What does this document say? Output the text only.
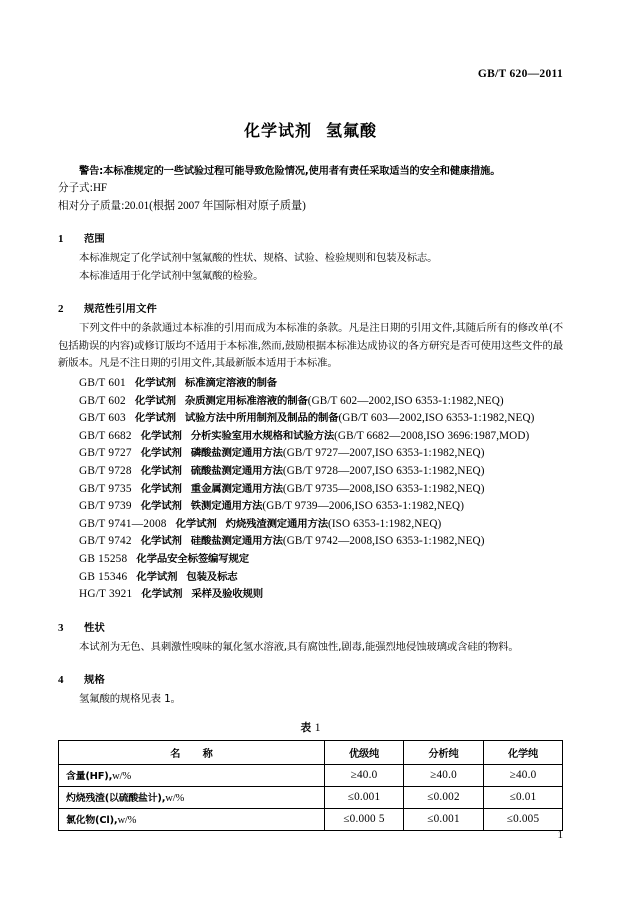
GB/T 620—2011
化学试剂 氢氟酸
警告:本标准规定的一些试验过程可能导致危险情况,使用者有责任采取适当的安全和健康措施。
分子式:HF
相对分子质量:20.01(根据 2007 年国际相对原子质量)
1 范围
本标准规定了化学试剂中氢氟酸的性状、规格、试验、检验规则和包装及标志。
本标准适用于化学试剂中氢氟酸的检验。
2 规范性引用文件
下列文件中的条款通过本标准的引用而成为本标准的条款。凡是注日期的引用文件,其随后所有的修改单(不包括勘误的内容)或修订版均不适用于本标准,然而,鼓励根据本标准达成协议的各方研究是否可使用这些文件的最新版本。凡是不注日期的引用文件,其最新版本适用于本标准。
GB/T 601 化学试剂 标准滴定溶液的制备
GB/T 602 化学试剂 杂质测定用标准溶液的制备(GB/T 602—2002,ISO 6353-1:1982,NEQ)
GB/T 603 化学试剂 试验方法中所用制剂及制品的制备(GB/T 603—2002,ISO 6353-1:1982,NEQ)
GB/T 6682 化学试剂 分析实验室用水规格和试验方法(GB/T 6682—2008,ISO 3696:1987,MOD)
GB/T 9727 化学试剂 磷酸盐测定通用方法(GB/T 9727—2007,ISO 6353-1:1982,NEQ)
GB/T 9728 化学试剂 硫酸盐测定通用方法(GB/T 9728—2007,ISO 6353-1:1982,NEQ)
GB/T 9735 化学试剂 重金属测定通用方法(GB/T 9735—2008,ISO 6353-1:1982,NEQ)
GB/T 9739 化学试剂 铁测定通用方法(GB/T 9739—2006,ISO 6353-1:1982,NEQ)
GB/T 9741—2008 化学试剂 灼烧残渣测定通用方法(ISO 6353-1:1982,NEQ)
GB/T 9742 化学试剂 硅酸盐测定通用方法(GB/T 9742—2008,ISO 6353-1:1982,NEQ)
GB 15258 化学品安全标签编写规定
GB 15346 化学试剂 包装及标志
HG/T 3921 化学试剂 采样及验收规则
3 性状
本试剂为无色、具刺激性嗅味的氟化氢水溶液,具有腐蚀性,剧毒,能强烈地侵蚀玻璃或含硅的物料。
4 规格
氢氟酸的规格见表 1。
表 1
名　称	优级纯	分析纯	化学纯
含量(HF),w/%	≥40.0	≥40.0	≥40.0
灼烧残渣(以硫酸盐计),w/%	≤0.001	≤0.002	≤0.01
氯化物(Cl),w/%	≤0.000 5	≤0.001	≤0.005
1
